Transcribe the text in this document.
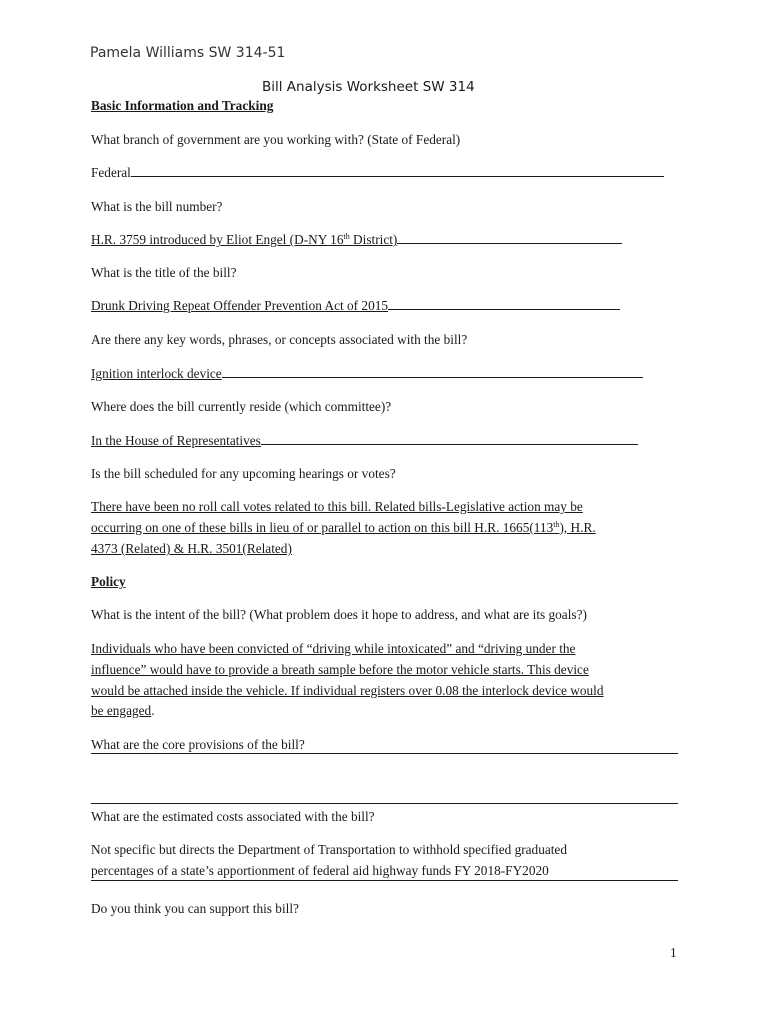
Pamela Williams SW 314-51
Bill Analysis Worksheet SW 314
Basic Information and Tracking
What branch of government are you working with? (State of Federal)
Federal
What is the bill number?
H.R. 3759 introduced by Eliot Engel (D-NY 16th District)
What is the title of the bill?
Drunk Driving Repeat Offender Prevention Act of 2015
Are there any key words, phrases, or concepts associated with the bill?
Ignition interlock device
Where does the bill currently reside (which committee)?
In the House of Representatives
Is the bill scheduled for any upcoming hearings or votes?
There have been no roll call votes related to this bill. Related bills-Legislative action may be
occurring on one of these bills in lieu of or parallel to action on this bill H.R. 1665(113th), H.R.
4373 (Related) & H.R. 3501(Related)
Policy
What is the intent of the bill? (What problem does it hope to address, and what are its goals?)
Individuals who have been convicted of “driving while intoxicated” and “driving under the
influence” would have to provide a breath sample before the motor vehicle starts. This device
would be attached inside the vehicle. If individual registers over 0.08 the interlock device would
be engaged.
What are the core provisions of the bill?
What are the estimated costs associated with the bill?
Not specific but directs the Department of Transportation to withhold specified graduated
percentages of a state’s apportionment of federal aid highway funds FY 2018-FY2020
Do you think you can support this bill?
1
